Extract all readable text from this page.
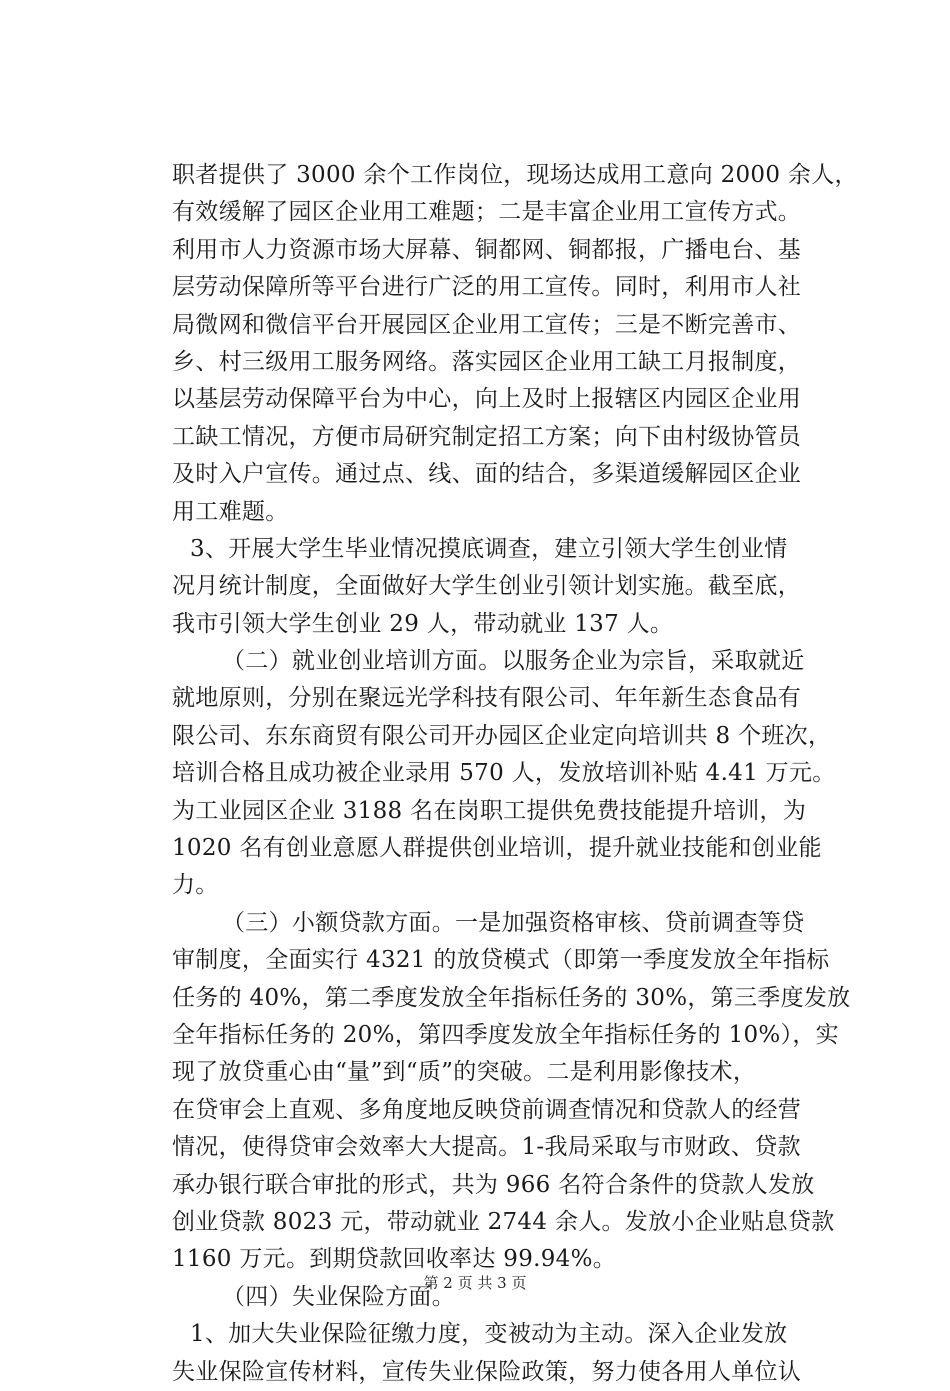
职者提供了 3000 余个工作岗位，现场达成用工意向 2000 余人，
有效缓解了园区企业用工难题；二是丰富企业用工宣传方式。
利用市人力资源市场大屏幕、铜都网、铜都报，广播电台、基
层劳动保障所等平台进行广泛的用工宣传。同时，利用市人社
局微网和微信平台开展园区企业用工宣传；三是不断完善市、
乡、村三级用工服务网络。落实园区企业用工缺工月报制度，
以基层劳动保障平台为中心，向上及时上报辖区内园区企业用
工缺工情况，方便市局研究制定招工方案；向下由村级协管员
及时入户宣传。通过点、线、面的结合，多渠道缓解园区企业
用工难题。
3、开展大学生毕业情况摸底调查，建立引领大学生创业情
况月统计制度，全面做好大学生创业引领计划实施。截至底，
我市引领大学生创业 29 人，带动就业 137 人。
（二）就业创业培训方面。以服务企业为宗旨，采取就近
就地原则，分别在聚远光学科技有限公司、年年新生态食品有
限公司、东东商贸有限公司开办园区企业定向培训共 8 个班次，
培训合格且成功被企业录用 570 人，发放培训补贴 4.41 万元。
为工业园区企业 3188 名在岗职工提供免费技能提升培训，为
1020 名有创业意愿人群提供创业培训，提升就业技能和创业能
力。
（三）小额贷款方面。一是加强资格审核、贷前调查等贷
审制度，全面实行 4321 的放贷模式（即第一季度发放全年指标
任务的 40%，第二季度发放全年指标任务的 30%，第三季度发放
全年指标任务的 20%，第四季度发放全年指标任务的 10%），实
现了放贷重心由“量”到“质”的突破。二是利用影像技术，
在贷审会上直观、多角度地反映贷前调查情况和贷款人的经营
情况，使得贷审会效率大大提高。1-我局采取与市财政、贷款
承办银行联合审批的形式，共为 966 名符合条件的贷款人发放
创业贷款 8023 元，带动就业 2744 余人。发放小企业贴息贷款
1160 万元。到期贷款回收率达 99.94%。
（四）失业保险方面。
1、加大失业保险征缴力度，变被动为主动。深入企业发放
失业保险宣传材料，宣传失业保险政策，努力使各用人单位认
第 2 页 共 3 页
